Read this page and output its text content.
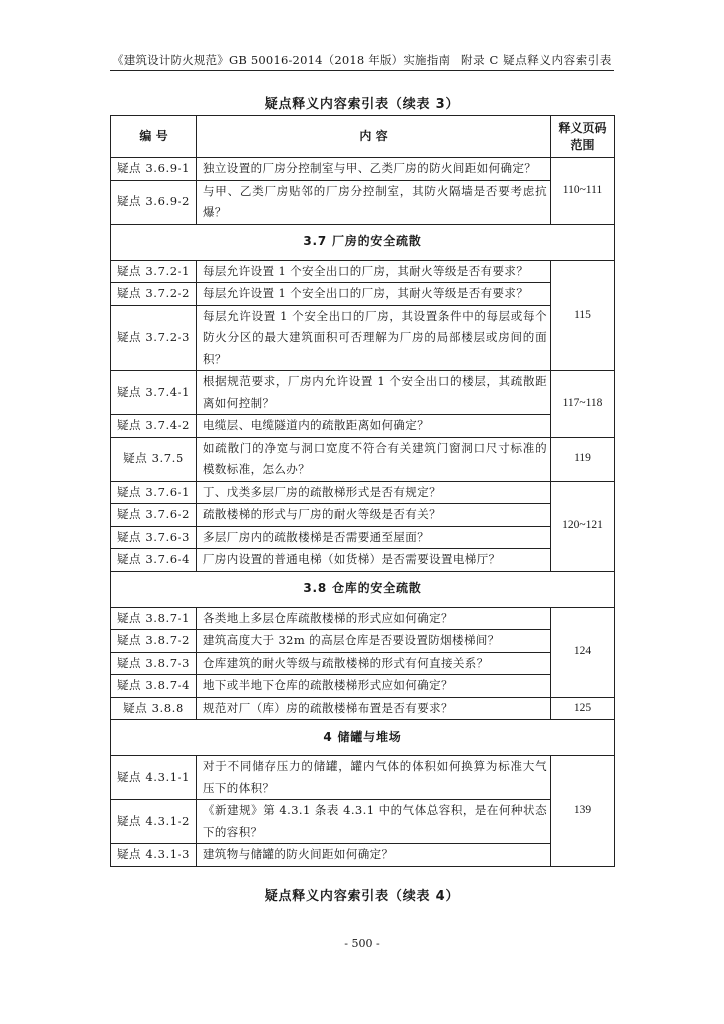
《建筑设计防火规范》GB 50016-2014（2018 年版）实施指南 附录 C 疑点释义内容索引表
疑点释义内容索引表（续表 3）
编 号	内 容	释义页码范围

疑点 3.6.9-1	独立设置的厂房分控制室与甲、乙类厂房的防火间距如何确定？	110~111
疑点 3.6.9-2	与甲、乙类厂房贴邻的厂房分控制室，其防火隔墙是否要考虑抗爆？	
3.7 厂房的安全疏散		
疑点 3.7.2-1	每层允许设置 1 个安全出口的厂房，其耐火等级是否有要求？	115
疑点 3.7.2-2	每层允许设置 1 个安全出口的厂房，其耐火等级是否有要求？	
疑点 3.7.2-3	每层允许设置 1 个安全出口的厂房，其设置条件中的每层或每个防火分区的最大建筑面积可否理解为厂房的局部楼层或房间的面积？	
疑点 3.7.4-1	根据规范要求，厂房内允许设置 1 个安全出口的楼层，其疏散距离如何控制？	117~118
疑点 3.7.4-2	电缆层、电缆隧道内的疏散距离如何确定？	
疑点 3.7.5	如疏散门的净宽与洞口宽度不符合有关建筑门窗洞口尺寸标准的模数标准，怎么办？	119
疑点 3.7.6-1	丁、戊类多层厂房的疏散梯形式是否有规定？	120~121
疑点 3.7.6-2	疏散楼梯的形式与厂房的耐火等级是否有关？	
疑点 3.7.6-3	多层厂房内的疏散楼梯是否需要通至屋面？	
疑点 3.7.6-4	厂房内设置的普通电梯（如货梯）是否需要设置电梯厅？	
3.8 仓库的安全疏散		
疑点 3.8.7-1	各类地上多层仓库疏散楼梯的形式应如何确定？	124
疑点 3.8.7-2	建筑高度大于 32m 的高层仓库是否要设置防烟楼梯间？	
疑点 3.8.7-3	仓库建筑的耐火等级与疏散楼梯的形式有何直接关系？	
疑点 3.8.7-4	地下或半地下仓库的疏散楼梯形式应如何确定？	
疑点 3.8.8	规范对厂（库）房的疏散楼梯布置是否有要求？	125
4 储罐与堆场		
疑点 4.3.1-1	对于不同储存压力的储罐，罐内气体的体积如何换算为标准大气压下的体积？	139
疑点 4.3.1-2	《新建规》第 4.3.1 条表 4.3.1 中的气体总容积，是在何种状态下的容积？	
疑点 4.3.1-3	建筑物与储罐的防火间距如何确定？	
疑点释义内容索引表（续表 4）
- 500 -
